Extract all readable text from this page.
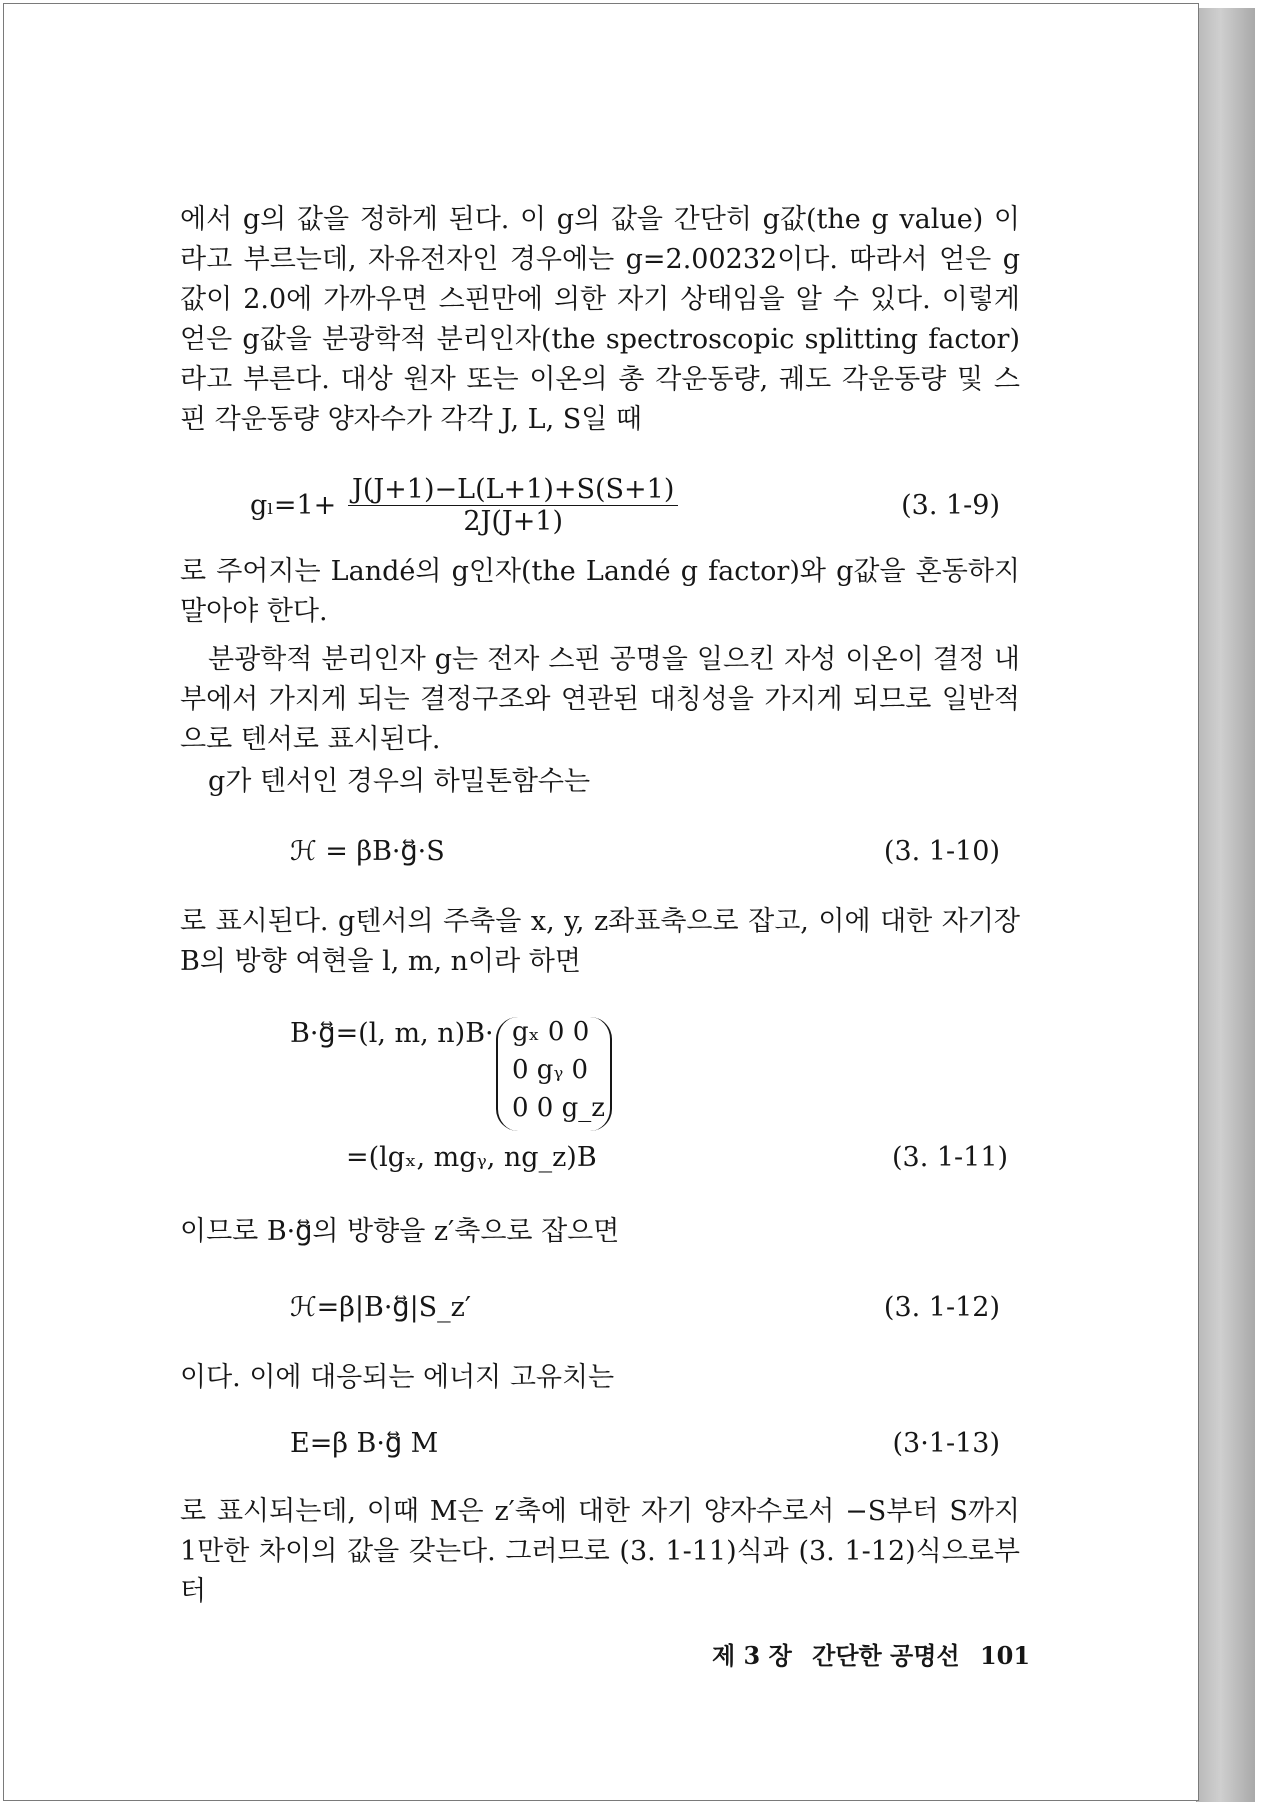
에서 g의 값을 정하게 된다. 이 g의 값을 간단히 g값(the g value) 이라고 부르는데, 자유전자인 경우에는 g=2.00232이다. 따라서 얻은 g값이 2.0에 가까우면 스핀만에 의한 자기 상태임을 알 수 있다. 이렇게 얻은 g값을 분광학적 분리인자(the spectroscopic splitting factor)라고 부른다. 대상 원자 또는 이온의 총 각운동량, 궤도 각운동량 및 스핀 각운동량 양자수가 각각 J, L, S일 때

$g_l=1+ \frac{J(J+1)-L(L+1)+S(S+1)}{2J(J+1)}$	(3. 1-9)

로 주어지는 Landé의 g인자(the Landé g factor)와 g값을 혼동하지 말아야 한다.

분광학적 분리인자 g는 전자 스핀 공명을 일으킨 자성 이온이 결정 내부에서 가지게 되는 결정구조와 연관된 대칭성을 가지게 되므로 일반적으로 텐서로 표시된다.

g가 텐서인 경우의 하밀톤함수는

ℋ = βB·g⃡·S	(3. 1-10)

로 표시된다. g텐서의 주축을 x, y, z좌표축으로 잡고, 이에 대한 자기장 B의 방향 여현을 l, m, n이라 하면

B·g⃡=(l, m, n)B· gₓ 0 0
0 gᵧ 0
0 0 g_z
=(lgₓ, mgᵧ, ng_z)B	(3. 1-11)

이므로 B·g⃡의 방향을 z′축으로 잡으면

ℋ=β|B·g⃡|S_z′	(3. 1-12)

이다. 이에 대응되는 에너지 고유치는

E=β B·g⃡ M	(3·1-13)

로 표시되는데, 이때 M은 z′축에 대한 자기 양자수로서 −S부터 S까지 1만한 차이의 값을 갖는다. 그러므로 (3. 1-11)식과 (3. 1-12)식으로부터

제 3 장 간단한 공명선 101
